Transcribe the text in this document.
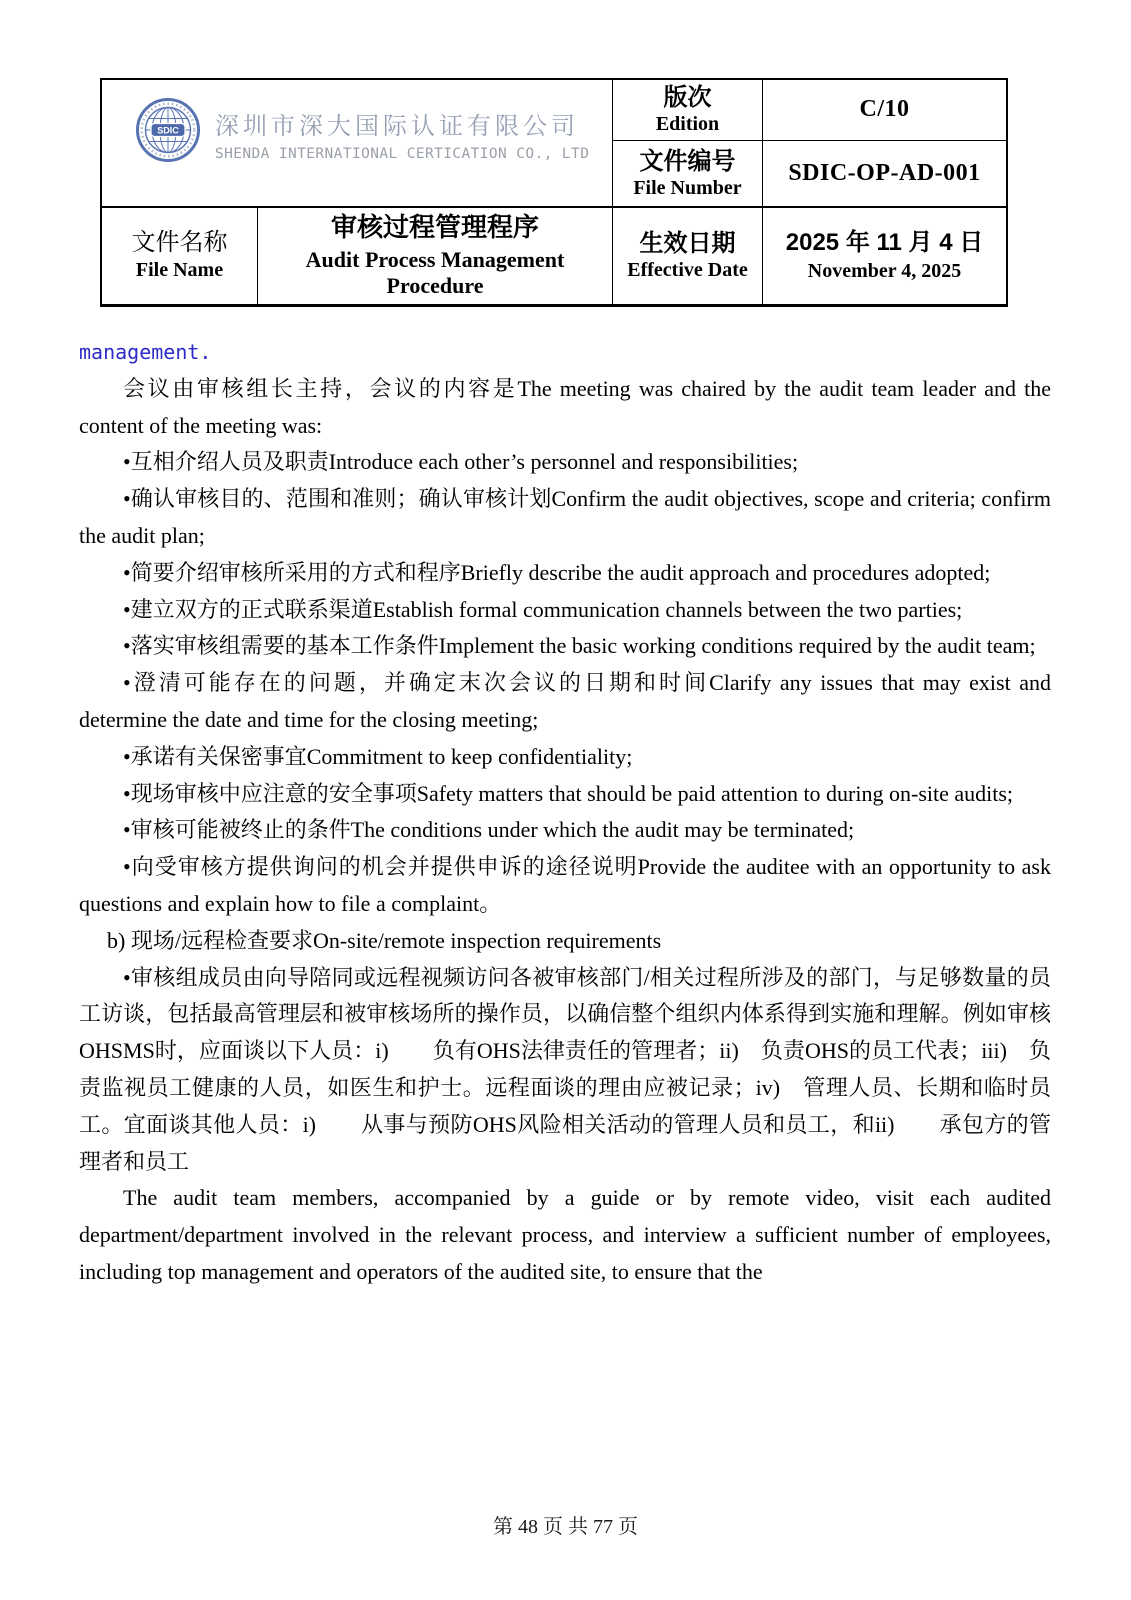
SDIC 深圳市深大国际认证有限公司
SHENDA INTERNATIONAL CERTICATION CO., LTD
版次
Edition
C/10
文件编号
File Number
SDIC-OP-AD-001
文件名称
File Name
审核过程管理程序
Audit Process Management Procedure
生效日期
Effective Date
2025 年 11 月 4 日
November 4, 2025

management.

会议由审核组长主持，会议的内容是The meeting was chaired by the audit team leader and the content of the meeting was:

•互相介绍人员及职责Introduce each other’s personnel and responsibilities;

•确认审核目的、范围和准则；确认审核计划Confirm the audit objectives, scope and criteria; confirm the audit plan;

•简要介绍审核所采用的方式和程序Briefly describe the audit approach and procedures adopted;

•建立双方的正式联系渠道Establish formal communication channels between the two parties;

•落实审核组需要的基本工作条件Implement the basic working conditions required by the audit team;

•澄清可能存在的问题，并确定末次会议的日期和时间Clarify any issues that may exist and determine the date and time for the closing meeting;

•承诺有关保密事宜Commitment to keep confidentiality;

•现场审核中应注意的安全事项Safety matters that should be paid attention to during on-site audits;

•审核可能被终止的条件The conditions under which the audit may be terminated;

•向受审核方提供询问的机会并提供申诉的途径说明Provide the auditee with an opportunity to ask questions and explain how to file a complaint。

b) 现场/远程检查要求On-site/remote inspection requirements

•审核组成员由向导陪同或远程视频访问各被审核部门/相关过程所涉及的部门，与足够数量的员工访谈，包括最高管理层和被审核场所的操作员，以确信整个组织内体系得到实施和理解。例如审核OHSMS时，应面谈以下人员：i)　　负有OHS法律责任的管理者；ii)　负责OHS的员工代表；iii)　负责监视员工健康的人员，如医生和护士。远程面谈的理由应被记录；iv)　管理人员、长期和临时员工。宜面谈其他人员：i)　　从事与预防OHS风险相关活动的管理人员和员工，和ii)　　承包方的管理者和员工

The audit team members, accompanied by a guide or by remote video, visit each audited department/department involved in the relevant process, and interview a sufficient number of employees, including top management and operators of the audited site, to ensure that the

第 48 页 共 77 页
